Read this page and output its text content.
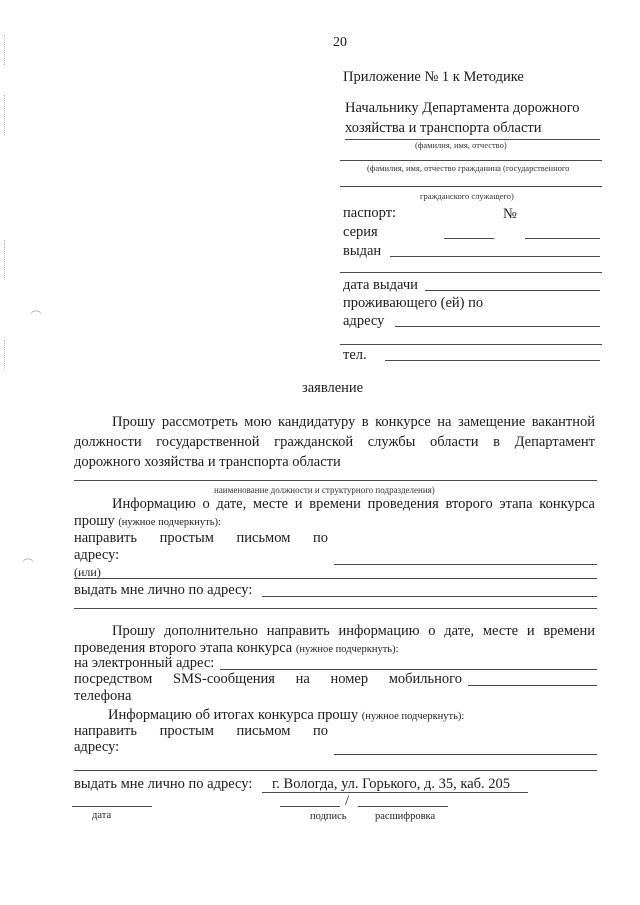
︵
︵
20
Приложение № 1 к Методике
Начальнику Департамента дорожного
хозяйства и транспорта области
(фамилия, имя, отчество)
(фамилия, имя, отчество гражданина (государственного
гражданского служащего)
паспорт:	№
серия
выдан
дата выдачи
проживающего (ей) по
адресу
тел.
заявление
Прошу рассмотреть мою кандидатуру в конкурсе на замещение вакантной
должности государственной гражданской службы области в Департамент
дорожного хозяйства и транспорта области
наименование должности и структурного подразделения)
Информацию о дате, месте и времени проведения второго этапа конкурса
прошу (нужное подчеркнуть):
направить простым письмом по
адресу:
(или)
выдать мне лично по адресу:
Прошу дополнительно направить информацию о дате, месте и времени
проведения второго этапа конкурса (нужное подчеркнуть):
на электронный адрес:
посредством SMS-сообщения на номер мобильного
телефона
Информацию об итогах конкурса прошу (нужное подчеркнуть):
направить простым письмом по
адресу:
выдать мне лично по адресу: г. Вологда, ул. Горького, д. 35, каб. 205
/
дата	подпись	расшифровка
